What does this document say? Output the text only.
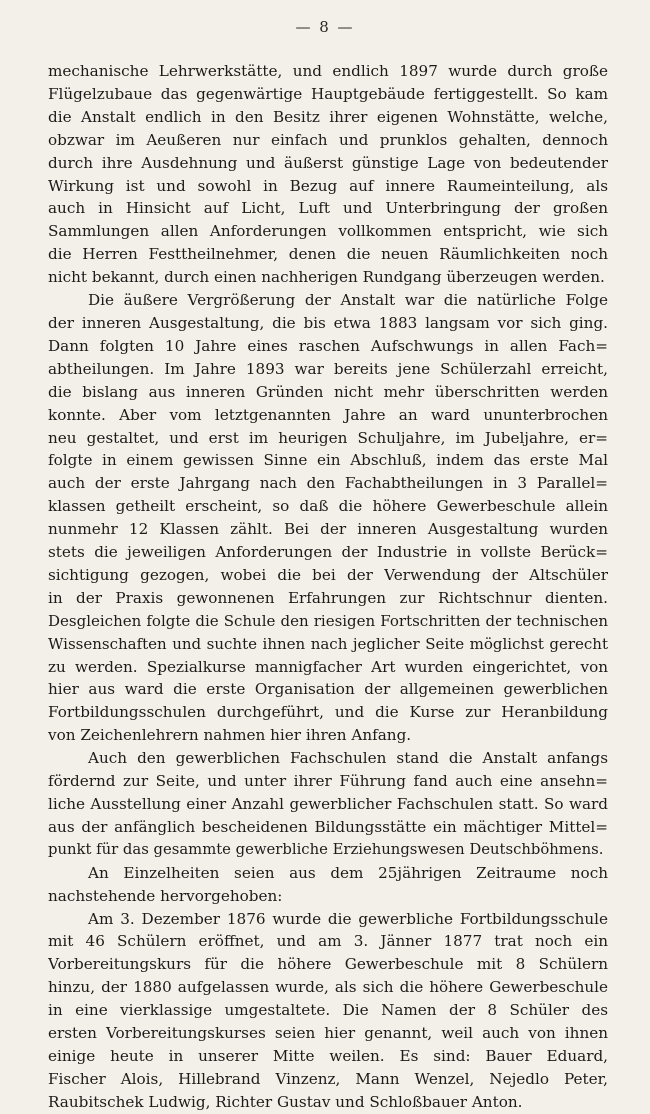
— 8 —
mechanische Lehrwerkstätte, und endlich 1897 wurde durch große
Flügelzubaue das gegenwärtige Hauptgebäude fertiggestellt. So kam
die Anstalt endlich in den Besitz ihrer eigenen Wohnstätte, welche,
obzwar im Aeußeren nur einfach und prunklos gehalten, dennoch
durch ihre Ausdehnung und äußerst günstige Lage von bedeutender
Wirkung ist und sowohl in Bezug auf innere Raumeinteilung, als
auch in Hinsicht auf Licht, Luft und Unterbringung der großen
Sammlungen allen Anforderungen vollkommen entspricht, wie sich
die Herren Festtheilnehmer, denen die neuen Räumlichkeiten noch
nicht bekannt, durch einen nachherigen Rundgang überzeugen werden.
Die äußere Vergrößerung der Anstalt war die natürliche Folge
der inneren Ausgestaltung, die bis etwa 1883 langsam vor sich ging.
Dann folgten 10 Jahre eines raschen Aufschwungs in allen Fach=
abtheilungen. Im Jahre 1893 war bereits jene Schülerzahl erreicht,
die bislang aus inneren Gründen nicht mehr überschritten werden
konnte. Aber vom letztgenannten Jahre an ward ununterbrochen
neu gestaltet, und erst im heurigen Schuljahre, im Jubeljahre, er=
folgte in einem gewissen Sinne ein Abschluß, indem das erste Mal
auch der erste Jahrgang nach den Fachabtheilungen in 3 Parallel=
klassen getheilt erscheint, so daß die höhere Gewerbeschule allein
nunmehr 12 Klassen zählt. Bei der inneren Ausgestaltung wurden
stets die jeweiligen Anforderungen der Industrie in vollste Berück=
sichtigung gezogen, wobei die bei der Verwendung der Altschüler
in der Praxis gewonnenen Erfahrungen zur Richtschnur dienten.
Desgleichen folgte die Schule den riesigen Fortschritten der technischen
Wissenschaften und suchte ihnen nach jeglicher Seite möglichst gerecht
zu werden. Spezialkurse mannigfacher Art wurden eingerichtet, von
hier aus ward die erste Organisation der allgemeinen gewerblichen
Fortbildungsschulen durchgeführt, und die Kurse zur Heranbildung
von Zeichenlehrern nahmen hier ihren Anfang.
Auch den gewerblichen Fachschulen stand die Anstalt anfangs
fördernd zur Seite, und unter ihrer Führung fand auch eine ansehn=
liche Ausstellung einer Anzahl gewerblicher Fachschulen statt. So ward
aus der anfänglich bescheidenen Bildungsstätte ein mächtiger Mittel=
punkt für das gesammte gewerbliche Erziehungswesen Deutschböhmens.
An Einzelheiten seien aus dem 25jährigen Zeitraume noch
nachstehende hervorgehoben:
Am 3. Dezember 1876 wurde die gewerbliche Fortbildungsschule
mit 46 Schülern eröffnet, und am 3. Jänner 1877 trat noch ein
Vorbereitungskurs für die höhere Gewerbeschule mit 8 Schülern
hinzu, der 1880 aufgelassen wurde, als sich die höhere Gewerbeschule
in eine vierklassige umgestaltete. Die Namen der 8 Schüler des
ersten Vorbereitungskurses seien hier genannt, weil auch von ihnen
einige heute in unserer Mitte weilen. Es sind: Bauer Eduard,
Fischer Alois, Hillebrand Vinzenz, Mann Wenzel, Nejedlo Peter,
Raubitschek Ludwig, Richter Gustav und Schloßbauer Anton.
